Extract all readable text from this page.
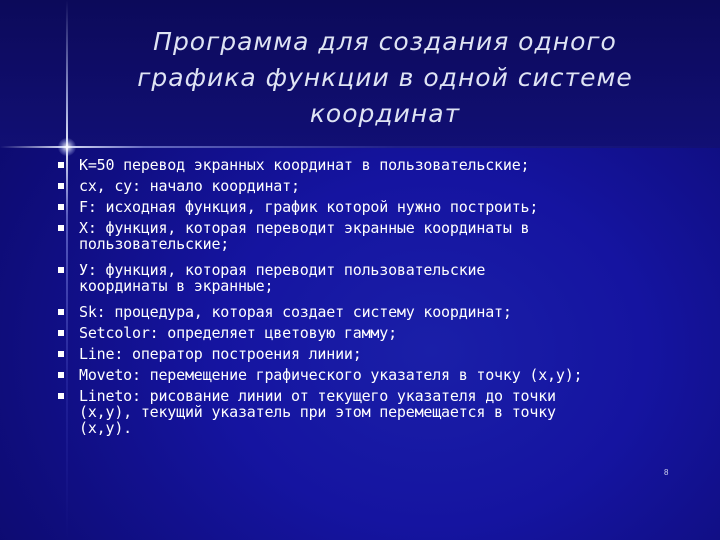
Программа для создания одного
графика функции в одной системе
координат
K=50 перевод экранных координат в пользовательские;
cx, cy: начало координат;
F: исходная функция, график которой нужно построить;
X: функция, которая переводит экранные координаты в
пользовательские;
У: функция, которая переводит пользовательские
координаты в экранные;
Sk: процедура, которая создает систему координат;
Setcolor: определяет цветовую гамму;
Line: оператор построения линии;
Moveto: перемещение графического указателя в точку (x,y);
Lineto: рисование линии от текущего указателя до точки
(x,y), текущий указатель при этом перемещается в точку
(x,y).
8
